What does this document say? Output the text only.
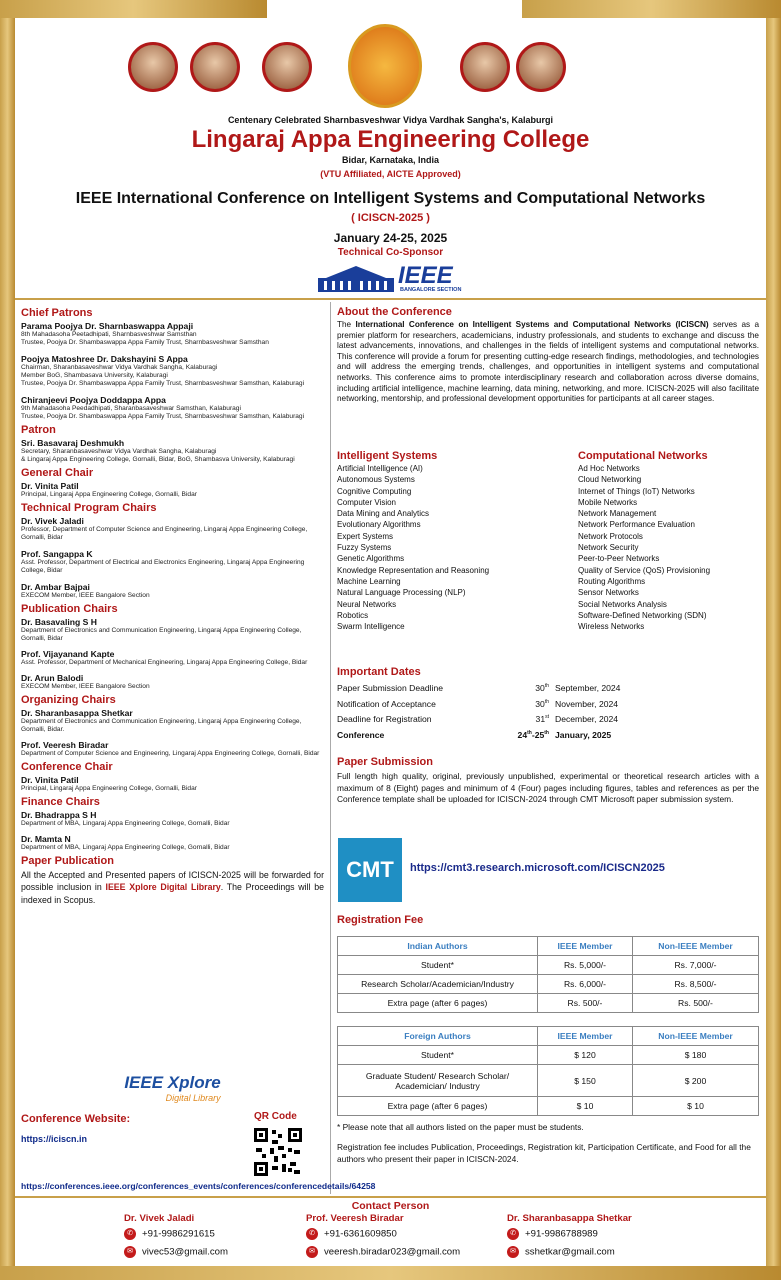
Centenary Celebrated Sharnbasveshwar Vidya Vardhak Sangha's, Kalaburgi
Lingaraj Appa Engineering College
Bidar, Karnataka, India
(VTU Affiliated, AICTE Approved)
IEEE International Conference on Intelligent Systems and Computational Networks
( ICISCN-2025 )
January 24-25, 2025
Technical Co-Sponsor
IEEE
BANGALORE SECTION
Chief Patrons
Parama Poojya Dr. Sharnbaswappa Appaji
8th Mahadasoha Peetadhipati, Sharnbasveshwar Samsthan
Trustee, Poojya Dr. Shambaswappa Appa Family Trust, Sharnbasveshwar Samsthan
Poojya Matoshree Dr. Dakshayini S Appa
Chairman, Sharanbasaveshwar Vidya Vardhak Sangha, Kalaburagi
Member BoG, Shambasava University, Kalaburagi
Trustee, Poojya Dr. Shambaswappa Appa Family Trust, Sharnbasveshwar Samsthan, Kalaburagi
Chiranjeevi Poojya Doddappa Appa
9th Mahadasoha Peedadhipati, Sharanbasaveshwar Samsthan, Kalaburagi
Trustee, Poojya Dr. Shambaswappa Appa Family Trust, Sharnbasveshwar Samsthan, Kalaburagi
Patron
Sri. Basavaraj Deshmukh
Secretary, Sharanbasaveshwar Vidya Vardhak Sangha, Kalaburagi
& Lingaraj Appa Engineering College, Gornalli, Bidar, BoG, Shambasva University, Kalaburagi
General Chair
Dr. Vinita Patil
Principal, Lingaraj Appa Engineering College, Gornalli, Bidar
Technical Program Chairs
Dr. Vivek Jaladi
Professor, Department of Computer Science and Engineering, Lingaraj Appa Engineering College, Gornalli, Bidar
Prof. Sangappa K
Asst. Professor, Department of Electrical and Electronics Engineering, Lingaraj Appa Engineering College, Bidar
Dr. Ambar Bajpai
EXECOM Member, IEEE Bangalore Section
Publication Chairs
Dr. Basavaling S H
Department of Electronics and Communication Engineering, Lingaraj Appa Engineering College, Gornalli, Bidar
Prof. Vijayanand Kapte
Asst. Professor, Department of Mechanical Engineering, Lingaraj Appa Engineering College, Bidar
Dr. Arun Balodi
EXECOM Member, IEEE Bangalore Section
Organizing Chairs
Dr. Sharanbasappa Shetkar
Department of Electronics and Communication Engineering, Lingaraj Appa Engineering College, Gornalli, Bidar.
Prof. Veeresh Biradar
Department of Computer Science and Engineering, Lingaraj Appa Engineering College, Gornalli, Bidar
Conference Chair
Dr. Vinita Patil
Principal, Lingaraj Appa Engineering College, Gornalli, Bidar
Finance Chairs
Dr. Bhadrappa S H
Department of MBA, Lingaraj Appa Engineering College, Gornalli, Bidar
Dr. Mamta N
Department of MBA, Lingaraj Appa Engineering College, Gornalli, Bidar
Paper Publication
All the Accepted and Presented papers of ICISCN-2025 will be forwarded for possible inclusion in IEEE Xplore Digital Library. The Proceedings will be indexed in Scopus.
IEEE Xplore
Digital Library
Conference Website:
https://iciscn.in
QR Code
About the Conference
The International Conference on Intelligent Systems and Computational Networks (ICISCN) serves as a premier platform for researchers, academicians, industry professionals, and students to exchange and discuss the latest advancements, innovations, and challenges in the fields of intelligent systems and computational networks. This conference will provide a forum for presenting cutting-edge research findings, methodologies, and technologies and will address the emerging trends, challenges, and opportunities in intelligent systems and computational networks. This conference aims to promote interdisciplinary research and collaboration across diverse domains, including artificial intelligence, machine learning, data mining, networking, and more. ICISCN-2025 will also facilitate networking, mentorship, and professional development opportunities for participants at all career stages.
Intelligent Systems
Artificial Intelligence (AI)
Autonomous Systems
Cognitive Computing
Computer Vision
Data Mining and Analytics
Evolutionary Algorithms
Expert Systems
Fuzzy Systems
Genetic Algorithms
Knowledge Representation and Reasoning
Machine Learning
Natural Language Processing (NLP)
Neural Networks
Robotics
Swarm Intelligence
Computational Networks
Ad Hoc Networks
Cloud Networking
Internet of Things (IoT) Networks
Mobile Networks
Network Management
Network Performance Evaluation
Network Protocols
Network Security
Peer-to-Peer Networks
Quality of Service (QoS) Provisioning
Routing Algorithms
Sensor Networks
Social Networks Analysis
Software-Defined Networking (SDN)
Wireless Networks
Important Dates
Paper Submission Deadline	30th September, 2024
Notification of Acceptance	30th November, 2024
Deadline for Registration	31st December, 2024
Conference	24th-25th January, 2025
Paper Submission
Full length high quality, original, previously unpublished, experimental or theoretical research articles with a maximum of 8 (Eight) pages and minimum of 4 (Four) pages including figures, tables and references as per the Conference template shall be uploaded for ICISCN-2024 through CMT Microsoft paper submission system.
CMT	https://cmt3.research.microsoft.com/ICISCN2025
Registration Fee
Indian Authors	IEEE Member	Non-IEEE Member
Student*	Rs. 5,000/-	Rs. 7,000/-
Research Scholar/Academician/Industry	Rs. 6,000/-	Rs. 8,500/-
Extra page (after 6 pages)	Rs. 500/-	Rs. 500/-
Foreign Authors	IEEE Member	Non-IEEE Member
Student*	$ 120	$ 180
Graduate Student/ Research Scholar/ Academician/ Industry	$ 150	$ 200
Extra page (after 6 pages)	$ 10	$ 10
* Please note that all authors listed on the paper must be students.
Registration fee includes Publication, Proceedings, Registration kit, Participation Certificate, and Food for all the authors who present their paper in ICISCN-2024.
https://conferences.ieee.org/conferences_events/conferences/conferencedetails/64258
Contact Person
Dr. Vivek Jaladi
✆ +91-9986291615
✉ vivec53@gmail.com
Prof. Veeresh Biradar
✆ +91-6361609850
✉ veeresh.biradar023@gmail.com
Dr. Sharanbasappa Shetkar
✆ +91-9986788989
✉ sshetkar@gmail.com
